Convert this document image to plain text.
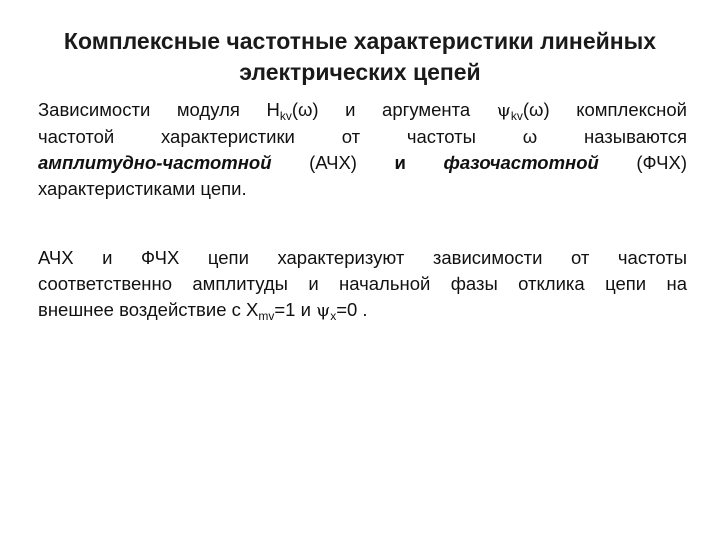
Комплексные частотные характеристики линейных
электрических цепей
Зависимости модуля $H_{kv}(\omega)$ и аргумента $\psi_{kv}(\omega)$ комплексной
частотой характеристики от частоты ω называются
амплитудно-частотной (АЧХ) и фазочастотной (ФЧХ)
характеристиками цепи.
АЧХ и ФЧХ цепи характеризуют зависимости от частоты
соответственно амплитуды и начальной фазы отклика цепи на
внешнее воздействие с $X_{mv}=1$ и $\psi_x=0$ .
